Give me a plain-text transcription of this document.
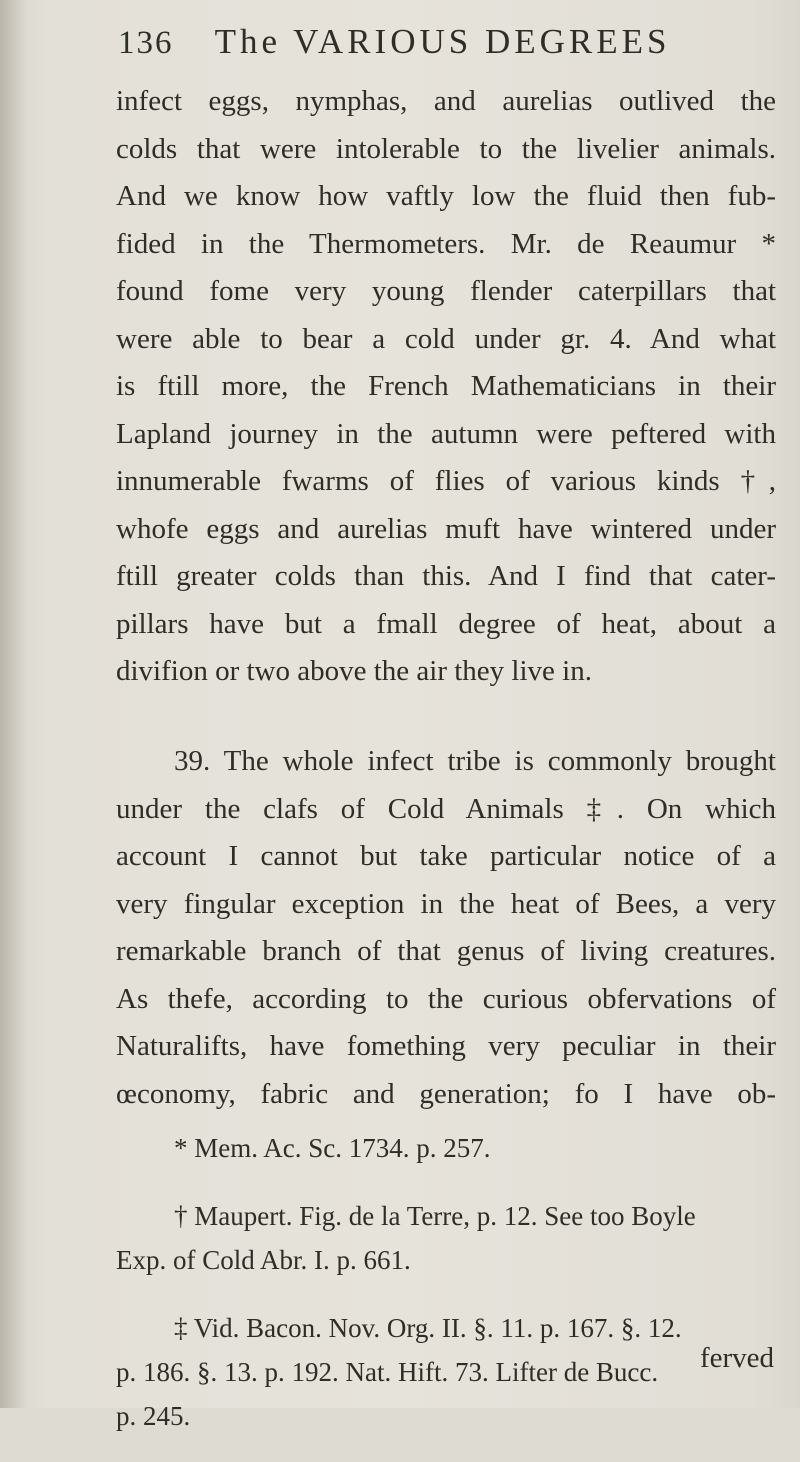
136 The VARIOUS DEGREES
infect eggs, nymphas, and aurelias outlived the
colds that were intolerable to the livelier animals.
And we know how vaftly low the fluid then fub-
fided in the Thermometers. Mr. de Reaumur *
found fome very young flender caterpillars that
were able to bear a cold under gr. 4. And what
is ftill more, the French Mathematicians in their
Lapland journey in the autumn were peftered with
innumerable fwarms of flies of various kinds †,
whofe eggs and aurelias muft have wintered under
ftill greater colds than this. And I find that cater-
pillars have but a fmall degree of heat, about a
divifion or two above the air they live in.
39. The whole infect tribe is commonly brought
under the clafs of Cold Animals ‡. On which
account I cannot but take particular notice of a
very fingular exception in the heat of Bees, a very
remarkable branch of that genus of living creatures.
As thefe, according to the curious obfervations of
Naturalifts, have fomething very peculiar in their
œconomy, fabric and generation; fo I have ob-
* Mem. Ac. Sc. 1734. p. 257.
† Maupert. Fig. de la Terre, p. 12. See too Boyle
Exp. of Cold Abr. I. p. 661.
‡ Vid. Bacon. Nov. Org. II. §. 11. p. 167. §. 12.
p. 186. §. 13. p. 192. Nat. Hift. 73. Lifter de Bucc.
p. 245.
ferved
